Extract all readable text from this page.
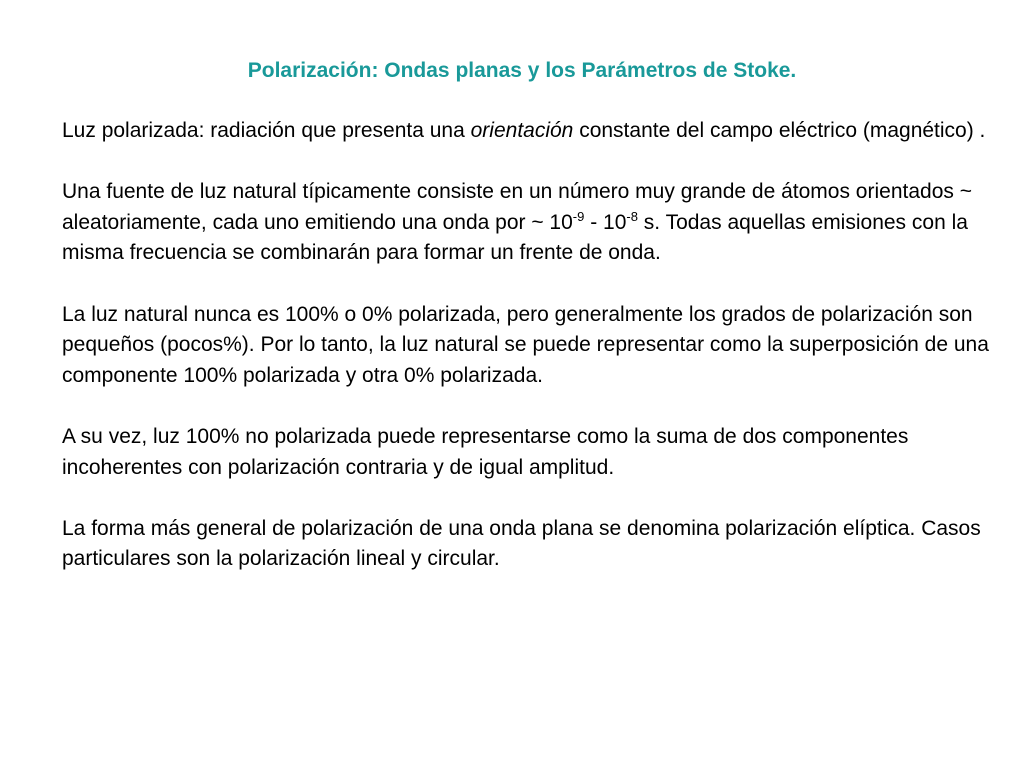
Polarización: Ondas planas y los Parámetros de Stoke.

Luz polarizada: radiación que presenta una orientación constante del campo eléctrico (magnético) .

Una fuente de luz natural típicamente consiste en un número muy grande de átomos orientados ~ aleatoriamente, cada uno emitiendo una onda por ~ $10^{-9} - 10^{-8}$ s. Todas aquellas emisiones con la misma frecuencia se combinarán para formar un frente de onda.

La luz natural nunca es 100% o 0% polarizada, pero generalmente los grados de polarización son pequeños (pocos%). Por lo tanto, la luz natural se puede representar como la superposición de una componente 100% polarizada y otra 0% polarizada.

A su vez, luz 100% no polarizada puede representarse como la suma de dos componentes incoherentes con polarización contraria y de igual amplitud.

La forma más general de polarización de una onda plana se denomina polarización elíptica. Casos particulares son la polarización lineal y circular.
